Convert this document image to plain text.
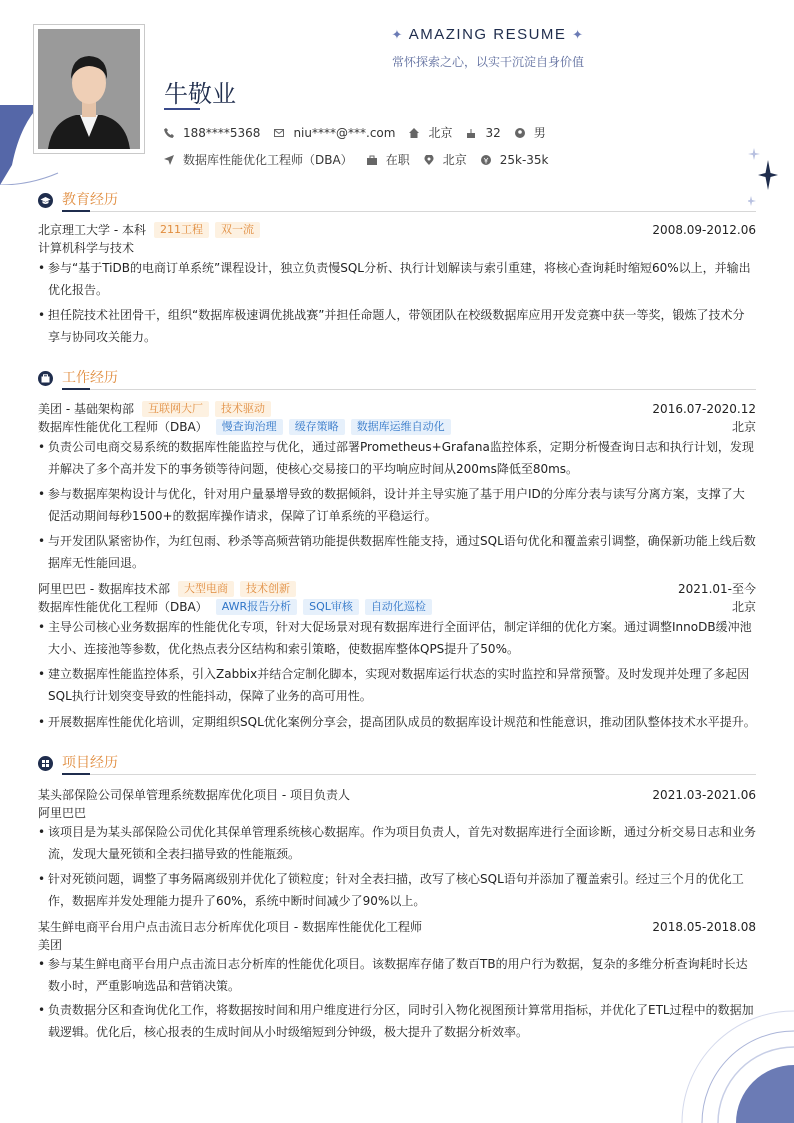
✦ AMAZING RESUME ✦
常怀探索之心，以实干沉淀自身价值
牛敬业
188****5368	niu****@***.com	北京	32	男
数据库性能优化工程师（DBA）	在职	北京	25k-35k
教育经历
北京理工大学 - 本科	211工程	双一流	2008.09-2012.06
计算机科学与技术
• 参与“基于TiDB的电商订单系统”课程设计，独立负责慢SQL分析、执行计划解读与索引重建，将核心查询耗时缩短60%以上，并输出优化报告。
• 担任院技术社团骨干，组织“数据库极速调优挑战赛”并担任命题人，带领团队在校级数据库应用开发竞赛中获一等奖，锻炼了技术分享与协同攻关能力。
工作经历
美团 - 基础架构部	互联网大厂	技术驱动	2016.07-2020.12
数据库性能优化工程师（DBA）	慢查询治理	缓存策略	数据库运维自动化	北京
• 负责公司电商交易系统的数据库性能监控与优化，通过部署Prometheus+Grafana监控体系，定期分析慢查询日志和执行计划，发现并解决了多个高并发下的事务锁等待问题，使核心交易接口的平均响应时间从200ms降低至80ms。
• 参与数据库架构设计与优化，针对用户量暴增导致的数据倾斜，设计并主导实施了基于用户ID的分库分表与读写分离方案，支撑了大促活动期间每秒1500+的数据库操作请求，保障了订单系统的平稳运行。
• 与开发团队紧密协作，为红包雨、秒杀等高频营销功能提供数据库性能支持，通过SQL语句优化和覆盖索引调整，确保新功能上线后数据库无性能回退。
阿里巴巴 - 数据库技术部	大型电商	技术创新	2021.01-至今
数据库性能优化工程师（DBA）	AWR报告分析	SQL审核	自动化巡检	北京
• 主导公司核心业务数据库的性能优化专项，针对大促场景对现有数据库进行全面评估，制定详细的优化方案。通过调整InnoDB缓冲池大小、连接池等参数，优化热点表分区结构和索引策略，使数据库整体QPS提升了50%。
• 建立数据库性能监控体系，引入Zabbix并结合定制化脚本，实现对数据库运行状态的实时监控和异常预警。及时发现并处理了多起因SQL执行计划突变导致的性能抖动，保障了业务的高可用性。
• 开展数据库性能优化培训，定期组织SQL优化案例分享会，提高团队成员的数据库设计规范和性能意识，推动团队整体技术水平提升。
项目经历
某头部保险公司保单管理系统数据库优化项目 - 项目负责人	2021.03-2021.06
阿里巴巴
• 该项目是为某头部保险公司优化其保单管理系统核心数据库。作为项目负责人，首先对数据库进行全面诊断，通过分析交易日志和业务流，发现大量死锁和全表扫描导致的性能瓶颈。
• 针对死锁问题，调整了事务隔离级别并优化了锁粒度；针对全表扫描，改写了核心SQL语句并添加了覆盖索引。经过三个月的优化工作，数据库并发处理能力提升了60%，系统中断时间减少了90%以上。
某生鲜电商平台用户点击流日志分析库优化项目 - 数据库性能优化工程师	2018.05-2018.08
美团
• 参与某生鲜电商平台用户点击流日志分析库的性能优化项目。该数据库存储了数百TB的用户行为数据，复杂的多维分析查询耗时长达数小时，严重影响选品和营销决策。
• 负责数据分区和查询优化工作，将数据按时间和用户维度进行分区，同时引入物化视图预计算常用指标，并优化了ETL过程中的数据加载逻辑。优化后，核心报表的生成时间从小时级缩短到分钟级，极大提升了数据分析效率。
